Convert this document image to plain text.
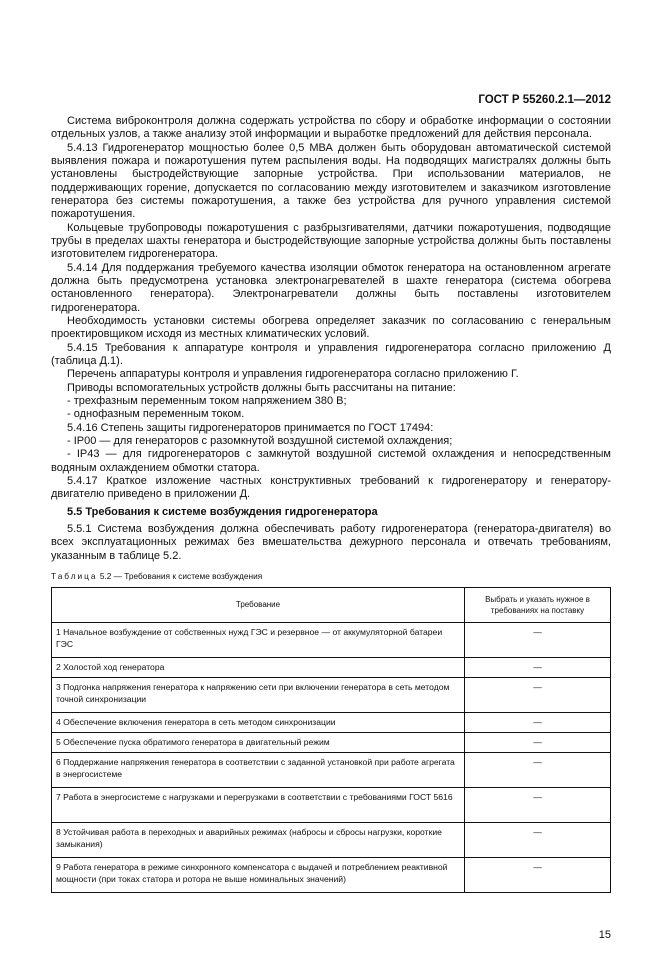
ГОСТ Р 55260.2.1—2012

Система виброконтроля должна содержать устройства по сбору и обработке информации о состоянии отдельных узлов, а также анализу этой информации и выработке предложений для действия персонала.

5.4.13 Гидрогенератор мощностью более 0,5 МВА должен быть оборудован автоматической системой выявления пожара и пожаротушения путем распыления воды. На подводящих магистралях должны быть установлены быстродействующие запорные устройства. При использовании материалов, не поддерживающих горение, допускается по согласованию между изготовителем и заказчиком изготовление генератора без системы пожаротушения, а также без устройства для ручного управления системой пожаротушения.

Кольцевые трубопроводы пожаротушения с разбрызгивателями, датчики пожаротушения, подводящие трубы в пределах шахты генератора и быстродействующие запорные устройства должны быть поставлены изготовителем гидрогенератора.

5.4.14 Для поддержания требуемого качества изоляции обмоток генератора на остановленном агрегате должна быть предусмотрена установка электронагревателей в шахте генератора (система обогрева остановленного генератора). Электронагреватели должны быть поставлены изготовителем гидрогенератора.

Необходимость установки системы обогрева определяет заказчик по согласованию с генеральным проектировщиком исходя из местных климатических условий.

5.4.15 Требования к аппаратуре контроля и управления гидрогенератора согласно приложению Д (таблица Д.1).

Перечень аппаратуры контроля и управления гидрогенератора согласно приложению Г.

Приводы вспомогательных устройств должны быть рассчитаны на питание:

- трехфазным переменным током напряжением 380 В;

- однофазным переменным током.

5.4.16 Степень защиты гидрогенераторов принимается по ГОСТ 17494:

- IP00 — для генераторов с разомкнутой воздушной системой охлаждения;

- IP43 — для гидрогенераторов с замкнутой воздушной системой охлаждения и непосредственным водяным охлаждением обмотки статора.

5.4.17 Краткое изложение частных конструктивных требований к гидрогенератору и генератору-двигателю приведено в приложении Д.

5.5 Требования к системе возбуждения гидрогенератора

5.5.1 Система возбуждения должна обеспечивать работу гидрогенератора (генератора-двигателя) во всех эксплуатационных режимах без вмешательства дежурного персонала и отвечать требованиям, указанным в таблице 5.2.

Таблица 5.2 — Требования к системе возбуждения
Требование	Выбрать и указать нужное в требованиях на поставку
1 Начальное возбуждение от собственных нужд ГЭС и резервное — от аккумуляторной батареи ГЭС	—
2 Холостой ход генератора	—
3 Подгонка напряжения генератора к напряжению сети при включении генератора в сеть методом точной синхронизации	—
4 Обеспечение включения генератора в сеть методом синхронизации	—
5 Обеспечение пуска обратимого генератора в двигательный режим	—
6 Поддержание напряжения генератора в соответствии с заданной установкой при работе агрегата в энергосистеме	—
7 Работа в энергосистеме с нагрузками и перегрузками в соответствии с требованиями ГОСТ 5616	—
8 Устойчивая работа в переходных и аварийных режимах (набросы и сбросы нагрузки, короткие замыкания)	—
9 Работа генератора в режиме синхронного компенсатора с выдачей и потреблением реактивной мощности (при токах статора и ротора не выше номинальных значений)	—
15
